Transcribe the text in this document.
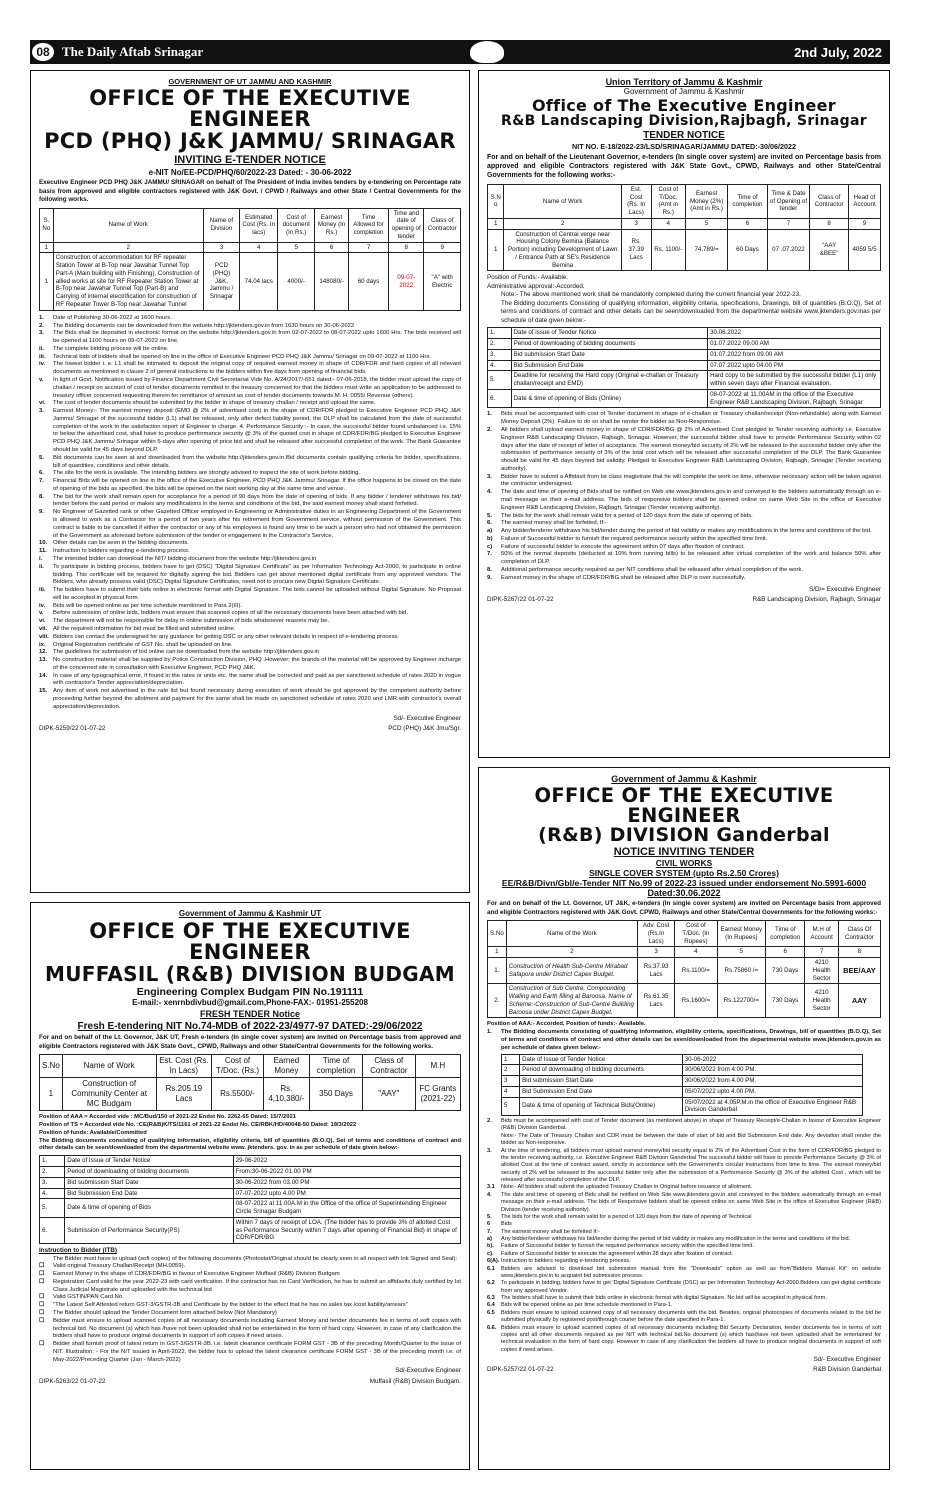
08 The Daily Aftab Srinagar	2nd July, 2022
GOVERNMENT OF UT JAMMU AND KASHMIR
OFFICE OF THE EXECUTIVE ENGINEER
PCD (PHQ) J&K JAMMU/ SRINAGAR
INVITING E-TENDER NOTICE
e-NIT No/EE-PCD/PHQ/60/2022-23 Dated: - 30-06-2022
Executive Engineer PCD PHQ J&K JAMMU/ SRINAGAR on behalf of The President of India invites tenders by e-tendering on Percentage rate basis from approved and eligible contractors registered with J&K Govt. / CPWD / Railways and other State / Central Governments for the following works.
S. No	Name of Work	Name of Division	Estimated Cost (Rs. In lacs)	Cost of document (In Rs.)	Earnest Money (In Rs.)	Time Allowed for completion	Time and date of opening of tender	Class of Contractor
1	2	3	4	5	6	7	8	9
1	Construction of accommodation for RF repeater Station Tower at B-Top near Jawahar Tunnel Top Part-A (Main building with Finishing), Construction of allied works at site for RF Repeater Station Tower at B-Top near Jawahar Tunnel Top (Part-B) and Carrying of internal electrification for construction of RF Repeater Tower B-Top near Jawahar Tunnel	PCD (PHQ) J&K, Jammu / Srinagar	74.04 lacs	4000/-	148080/-	60 days	09-07-2022	"A" with Electric
1.	Date of Publishing 30-06-2022 at 1600 hours.
2.	The Bidding documents can be downloaded from the website http://jktenders.gov.in from 1630 hours on 30-06-2022
3.	The Bids shall be deposited in electronic format on the website http://jktenders.gov.in from 02-07-2022 to 08-07-2022 upto 1600 Hrs. The bids received will be opened at 1100 hours on 09-07-2022 on line.
ii.	The complete bidding process will be online.
iii.	Technical bids of bidders shall be opened on line in the office of Executive Engineer PCD PHQ J&K Jammu/ Srinagar on 09-07-2022 at 1100 Hrs.
iv.	The lowest bidder i. e. L1 shall be intimated to deposit the original copy of required earnest money in shape of CDR/FDR and hard copies of all relevant documents as mentioned in clause 2 of general instructions to the bidders within five days from opening of financial bids.
v.	In light of Govt. Notification issued by Finance Department Civil Secretariat Vide No. A/24/2017/-651 dated:- 07-06-2018, the bidder must upload the copy of challan / receipt on account of cost of tender documents remitted in the treasury concerned for that the bidders must write an application to be addressed to treasury officer concerned requesting therein for remittance of amount as cost of tender documents towards M. H. 0055/ Revenue (others).
vi.	The cost of tender documents should be submitted by the bidder in shape of treasury challan / receipt and upload the same.
3.	Earnest Money:- The earnest money deposit (EMD @ 2% of advertised cost) in the shape of CDR/FDR pledged to Executive Engineer PCD PHQ J&K Jammu/ Srinagar of the successful bidder (L1) shall be released, only after defect liability period, the DLP shall be calculated from the date of successful completion of the work to the satisfaction report of Engineer in charge. 4. Performance Security :- In case, the successful bidder found unbalanced i.e. 15% or below the advertised cost, shall have to produce performance security @ 3% of the quoted cost in shape of CDR/FDR/BG pledged to Executive Engineer PCD PHQ J&K Jammu/ Srinagar within 5-days after opening of price bid and shall be released after successful completion of the work. The Bank Guarantee should be valid for 45 days beyond DLP.
5.	Bid documents can be seen at and downloaded from the website http://jktenders.gov.in Bid documents contain qualifying criteria for bidder, specifications, bill of quantities, conditions and other details.
6.	The site for the work is available. The intending bidders are strongly advised to inspect the site of work before bidding.
7.	Financial Bids will be opened on line in the office of the Executive Engineer, PCD PHQ J&K Jammu/ Srinagar. If the office happens to be closed on the date of opening of the bids as specified, the bids will be opened on the next working day at the same time and venue.
8.	The bid for the work shall remain open for acceptance for a period of 90 days from the date of opening of bids. If any bidder / tenderer withdraws his bid/ tender before the said period or makes any modifications in the terms and conditions of the bid, the said earnest money shall stand forfeited.
9.	No Engineer of Gazetted rank or other Gazetted Officer employed in Engineering or Administrative duties in an Engineering Department of the Government is allowed to work as a Contractor for a period of two years after his retirement from Government service, without permission of the Government. This contract is liable to be cancelled if either the contractor or any of his employees is found any time to be such a person who had not obtained the permission of the Government as aforesaid before submission of the tender or engagement in the Contractor's Service.
10. Other details can be seen in the bidding documents.
11.	Instruction to bidders regarding e-tendering process.
i.	The intended bidder can download the NIT/ bidding document from the website http://jktenders.gov.in
ii.	To participate in bidding process, bidders have to get (DSC) "Digital Signature Certificate" as per Information Technology Act-2000, to participate in online bidding. This certificate will be required for digitally signing the bid. Bidders can get above mentioned digital certificate from any approved vendors. The Bidders, who already possess valid (DSC) Digital Signature Certificates, need not to procure new Digital Signature Certificate.
iii.	The bidders have to submit their bids online in electronic format with Digital Signature. The bids cannot be uploaded without Digital Signature. No Proposal will be accepted in physical form.
iv.	Bids will be opened online as per time schedule mentioned in Para 2(III).
v.	Before submission of online bids, bidders must ensure that scanned copies of all the necessary documents have been attached with bid.
vi.	The department will not be responsible for delay in online submission of bids whatsoever reasons may be.
vii. All the required information for bid must be filled and submitted online.
viii. Bidders can contact the undersigned for any guidance for getting DSC or any other relevant details in respect of e-tendering process.
ix.	Original Registration certificate of GST No. shall be uploaded on line.
12. The guidelines for submission of bid online can be downloaded from the website http://jktenders.gov.in
13. No construction material shall be supplied by Police Construction Division, PHQ .However; the brands of the material will be approved by Engineer incharge of the concerned site in consultation with Executive Engineer, PCD PHQ J&K.
14. In case of any typographical error, if found in the rates or units etc. the same shall be corrected and paid as per sanctioned schedule of rates 2020 in vogue with contractor's Tender appreciation/depreciation.
15. Any item of work not advertised in the rate list but found necessary during execution of work should be got approved by the competent authority before proceeding further beyond the allotment and payment for the same shall be made on sanctioned schedule of rates 2020 and LMR with contractor's overall appreciation/depreciation.
Sd/- Executive Engineer
DIPK-5259/22 01-07-22	PCD (PHQ) J&K Jmu/Sgr.
Union Territory of Jammu & Kashmir
Government of Jammu & Kashmir
Office of The Executive Engineer
R&B Landscaping Division,Rajbagh, Srinagar
TENDER NOTICE
NIT NO. E-18/2022-23/LSD/SRINAGAR/JAMMU DATED:-30/06/2022
For and on behalf of the Lieutenant Governor, e-tenders (In single cover system) are invited on Percentage basis from approved and eligible Contractors registered with J&K State Govt., CPWD, Railways and other State/Central Governments for the following works:-
S.N o	Name of Work	Est. Cost (Rs. In Lacs)	Cost of T/Doc. (Amt in Rs.)	Earnest Money (2%) (Amt in Rs.)	Time of completion	Time & Date of Opening of tender	Class of Contractor	Head of Account
1	2	3	4	5	6	7	8	9
1	Construction of Central verge near Housing Colony Bemina (Balance Portion) including Development of Lawn / Entrance Path at SE's Residence Bemina	Rs. 37.39 Lacs	Rs. 1100/-	74,789/=	60 Days	07 .07.2022	"AAY &BEE"	4059 5/5
Position of Funds:- Available.
Administrative approval:-Accorded.
Note:- The above mentioned work shall be mandatorily completed during the current financial year 2022-23.
The Bidding documents Consisting of qualifying information, eligibility criteria, specifications, Drawings, bill of quantities (B.O.Q), Set of terms and conditions of contract and other details can be seen/downloaded from the departmental website www.jktenders.gov.inas per schedule of date given below:-
1.	Date of issue of Tender Notice	30.06.2022
2.	Period of downloading of bidding documents	01.07.2022 09.00 AM
3.	Bid submission Start Date	01.07.2022 from 09.00 AM
4.	Bid Submission End Date	07.07.2022 upto 04.00 PM
5.	Deadline for receiving the Hard copy (Original e-challan or Treasury challan/receipt and EMD)	Hard copy to be submitted by the successful bidder (L1) only within seven days after Financial evaluation.
6.	Date & time of opening of Bids (Online)	08-07-2022 at 11.00AM in the office of the Executive Engineer R&B Landscaping Division, Rajbagh, Srinagar
1.	Bids must be accompanied with cost of Tender document in shape of e-challan or Treasury challan/receipt (Non-refundable) along with Earnest Money Deposit (2%). Failure to do so shall be render the bidder as Non-Responsive.
2.	All bidders shall upload earnest money in shape of CDR/FDR/BG @ 2% of Advertised Cost pledged to Tender receiving authority i.e. Executive Engineer R&B Landscaping Division, Rajbagh, Srinagar. However, the successful bidder shall have to provide Performance Security within 02 days after the date of receipt of letter of acceptance. The earnest money/bid security of 2% will be released to the successful bidder only after the submission of performance security of 3% of the total cost which will be released after successful completion of the DLP. The Bank Guarantee should be valid for 45 days beyond bid validity. Pledged to Executive Engineer R&B Landscaping Division, Rajbagh, Srinagar (Tender receiving authority).
3.	Bidder have to submit a Affidavit from Ist class magistrate that he will complete the work on time, otherwise necessary action will be taken against the contractor undersigned.
4.	The date and time of opening of Bids shall be notified on Web site www.jktenders.gov.in and conveyed to the bidders automatically through an e-mail message on their e-mail address. The bids of responsive bidders shall be opened online on same Web Site in the office of Executive Engineer R&B Landscaping Division, Rajbagh, Srinagar (Tender receiving authority).
5.	The bids for the work shall remain valid for a period of 120 days from the date of opening of bids.
6.	The earnest money shall be forfeited, If:-
a)	Any bidder/tenderer withdraws his bid/tender during the period of bid validity or makes any modifications in the terms and conditions of the bid.
b)	Failure of Successful bidder to furnish the required performance security within the specified time limit.
c)	Failure of successful bidder to execute the agreement within 07 days after fixation of contract.
7.	50% of the normal deposits (deducted at 10% from running bills) to be released after virtual completion of the work and balance 50% after completion of DLP.
8.	Additional performance security required as per NIT conditions shall be released after virtual completion of the work.
9.	Earnest money in the shape of CDR/FDR/BG shall be released after DLP is over successfully.
S/D/= Executive Engineer
DIPK-5267/22 01-07-22	R&B Landscaping Division, Rajbagh, Srinagar
Government of Jammu & Kashmir UT
OFFICE OF THE EXECUTIVE ENGINEER
MUFFASIL (R&B) DIVISION BUDGAM
Engineering Complex Budgam PIN No.191111
E-mail:- xenrnbdivbud@gmail.com,Phone-FAX:- 01951-255208
FRESH TENDER Notice
Fresh E-tendering NIT No.74-MDB of 2022-23/4977-97 DATED:-29/06/2022
For and on behalf of the Lt. Governor, J&K UT, Fresh e-tenders (In single cover system) are invited on Percentage basis from approved and eligible Contractors registered with J&K State Govt., CPWD, Railways and other State/Central Governments for the following works.
S.No	Name of Work	Est. Cost (Rs. In Lacs)	Cost of T/Doc. (Rs.)	Earned Money	Time of completion	Class of Contractor	M.H
1	Construction of Community Center at MC Budgam	Rs.205.19 Lacs	Rs.5500/-	Rs. 4,10,380/-	350 Days	"AAY"	FC Grants (2021-22)
Position of AAA = Accorded vide : MC/Bud/150 of 2021-22 Endst No. 2262-65 Dated: 15/7/2021
Position of TS = Accorded vide No. :CE(R&B)K/TS/1161 of 2021-22 Endst No. CE/RBK/HD/40048-50 Dated: 19/3/2022
Position of funds: Available/Committed
The Bidding documents consisting of qualifying information, eligibility criteria, bill of quantities (B.O.Q), Set of terms and conditions of contract and other details can be seen/downloaded from the departmental website www. jktenders. gov. in as per schedule of date given below:-
1.	Date of Issue of Tender Notice	29-06-2022
2.	Period of downloading of bidding documents	From.30-06-2022 01.00 PM
3.	Bid submission Start Date	30-06-2022 from 03.00 PM
4.	Bid Submission End Date	07-07-2022 upto 4.00 PM
5.	Date & time of opening of Bids	08-07-2022 at 11.00A.M in the Office of the office of Superintending Engineer Circle Srinagar Budgam
6.	Submission of Performance Security(PS)	Within 7 days of receipt of LOA. (The bidder has to provide 3% of allotted Cost as Performance Security within 7 days after opening of Financial Bid) in shape of CDR/FDR/BG
Instruction to Bidder (ITB)
The Bidder must have to upload (soft copies) of the following documents (Photostat/Original should be clearly seen in all respect with Ink Signed and Seal):
☐	Valid original Treasury Challan/Receipt (MH.0059).
☐	Earnest Money in the shape of CDR/FDR/BG in favour of Executive Engineer Muffasil (R&B) Division Budgam
☐	Registration Card valid for the year 2022-23 with card verification. If the contractor has no Card Verification, he has to submit an affidavits duly certified by Ist Class Judicial Magistrate and uploaded with the technical bid
☐	Valid GSTIN/PAN Card No.
☐	"The Latest Self Attested return GST-3/GSTR-3B and Certificate by the bidder to the effect that he has no sales tax /cost liability/arrears"
☐	The Bidder should upload the Tender Document form attached below (Not Mandatory)
☐	Bidder must ensure to upload scanned copies of all necessary documents including Earnest Money and tender documents fee in terms of soft copies with technical bid. No document (s) which has /have not been uploaded shall not be entertained in the form of hard copy. However, in case of any clarification the bidders shall have to produce original documents in support of soft copies if need arises.
☐	Bidder shall furnish proof of latest return in GST-3/GSTR-3B. i.e. latest clearance certificate FORM GST - 3B of the preceding Month/Quarter to the issue of NIT. Illustration: - For the NIT issued in April-2022, the bidder has to upload the latest clearance certificate FORM GST - 3B of the preceding month i.e. of May-2022/Preceding Quarter (Jan - March-2022)
Sd/-Executive Engineer
DIPK-5263/22 01-07-22	Muffasil (R&B) Division Budgam.
Government of Jammu & Kashmir
OFFICE OF THE EXECUTIVE ENGINEER
(R&B) DIVISION Ganderbal
NOTICE INVITING TENDER
CIVIL WORKS
SINGLE COVER SYSTEM (upto Rs.2.50 Crores)
EE/R&B/Divn/Gbl/e-Tender NIT No.99 of 2022-23 issued under endorsement No.5991-6000
Dated:30.06.2022
For and on behalf of the Lt. Governor, UT J&K, e-tenders (In single cover system) are invited on Percentage basis from approved and eligible Contractors registered with J&K Govt. CPWD, Railways and other State/Central Governments for the following works:-
S.No	Name of the Work	Adv. Cost (Rs.In Lacs)	Cost of T/Doc. (In Rupees)	Earnest Money (In Rupees)	Time of completion	M.H of Account	Class Of Contractor
1	2	3	4	5	6	7	8
1.	Construction of Health Sub-Centre Mirabad Safapora under District Capex Budget.	Rs.37.93 Lacs	Rs.1100/=	Rs.75860 /=	730 Days	4210 Health Sector	BEE/AAY
2.	Construction of Sub Centre, Compounding Walling and Earth filling at Baroosa. Name of Scheme:-Construction of Sub-Centre Building Baroosa under District Capex Budget.	Rs.61.35 Lacs	Rs.1600/=	Rs.122700/=	730 Days	4210 Health Sector	AAY
Position of AAA:- Accorded, Position of funds:- Available.
1.	The Bidding documents consisting of qualifying information, eligibility criteria, specifications, Drawings, bill of quantities (B.O.Q), Set of terms and conditions of contract and other details can be seen/downloaded from the departmental website www.jktenders.gov.in as per schedule of dates given below:-
1	Date of Issue of Tender Notice	30-06-2022
2	Period of downloading of bidding documents	30/06/2022 from 4:00 PM.
3	Bid submission Start Date	30/06/2022 from 4.00 PM.
4	Bid Submission End Date	05/07/2022 upto 4.00 PM.
5	Date & time of opening of Technical Bids(Online)	05/07/2022 at 4.05P.M.in the office of Executive Engineer R&B Division Ganderbal
2.	Bids must be accompanied with cost of Tender document (as mentioned above) in shape of Treasury Receipt/e-Challan in favour of Executive Engineer (R&B) Division Ganderbal.
Note:- The Date of Treasury Challan and CDR must be between the date of start of bid and Bid Submission End date. Any deviation shall render the bidder as Non-responsive.
3.	At the time of tendering, all bidders must upload earnest money/bid security equal to 2% of the Advertised Cost in the form of CDR/FDR/BG pledged to the tender receiving authority, i.e. Executive Engineer R&B Division Ganderbal The successful bidder will have to provide Performance Security @ 3% of allotted Cost at the time of contract award, strictly in accordance with the Government's circular instructions from time to time. The earnest money/bid security of 2% will be released to the successful bidder only after the submission of a Performance Security @ 3% of the allotted Cost , which will be released after successful completion of the DLP.
3.1	Note:- All bidders shall submit the uploaded Treasury Challan in Original before issuance of allotment.
4.	The date and time of opening of Bids shall be notified on Web Site www.jktenders.gov.in and conveyed to the bidders automatically through an e-mail message on their e-mail address. The bids of Responsive bidders shall be opened online on same Web Site in the office of Executive Engineer (R&B) Division (tender receiving authority).
5.	The bids for the work shall remain valid for a period of 120 days from the date of opening of Technical
6	Bids
7.	The earnest money shall be forfeited If:-
a)	Any bidder/tenderer withdraws his bid/tender during the period of bid validity or makes any modification in the terms and conditions of the bid.
b).	Failure of Successful bidder to furnish the required performance security within the specified time limit.
c).	Failure of Successful bidder to execute the agreement within 28 days after fixation of contract.
6(A). Instruction to bidders regarding e-tendering process.
6.1	Bidders are advised to download bid submission manual from the "Downloads" option as well as from"Bidders Manual Kit" on website www.jktenders.gov.in to acquaint bid submission process.
6.2	To participate in bidding, bidders have to get 'Digital Signature Certificate (DSC) as per Information Technology Act-2000.Bidders can get digital certificate from any approved Vendor.
6.3	The bidders shall have to submit their bids online in electronic format with digital Signature. No bid will be accepted in physical form.
6.4	Bids will be opened online as per time schedule mentioned in Para-1.
6.5	Bidders must ensure to upload scanned copy of all necessary documents with the bid. Besides, original photocopies of documents related to the bid be submitted physically by registered post/through courier before the date specified in Para-1.
6.6. Bidders must ensure to upload scanned copies of all necessary documents including Bid Security Declaration, tender documents fee in terms of soft copies and all other documents required as per NIT with technical bid.No document (s) which has/have not been uploaded shall be entertained for technical evaluation in the form of hard copy. However in case of any clarification the bidders all have to produce original documents in support of soft copies if need arises.
Sd/- Executive Engineer
DIPK-5257/22 01-07-22	R&B Division Ganderbal
